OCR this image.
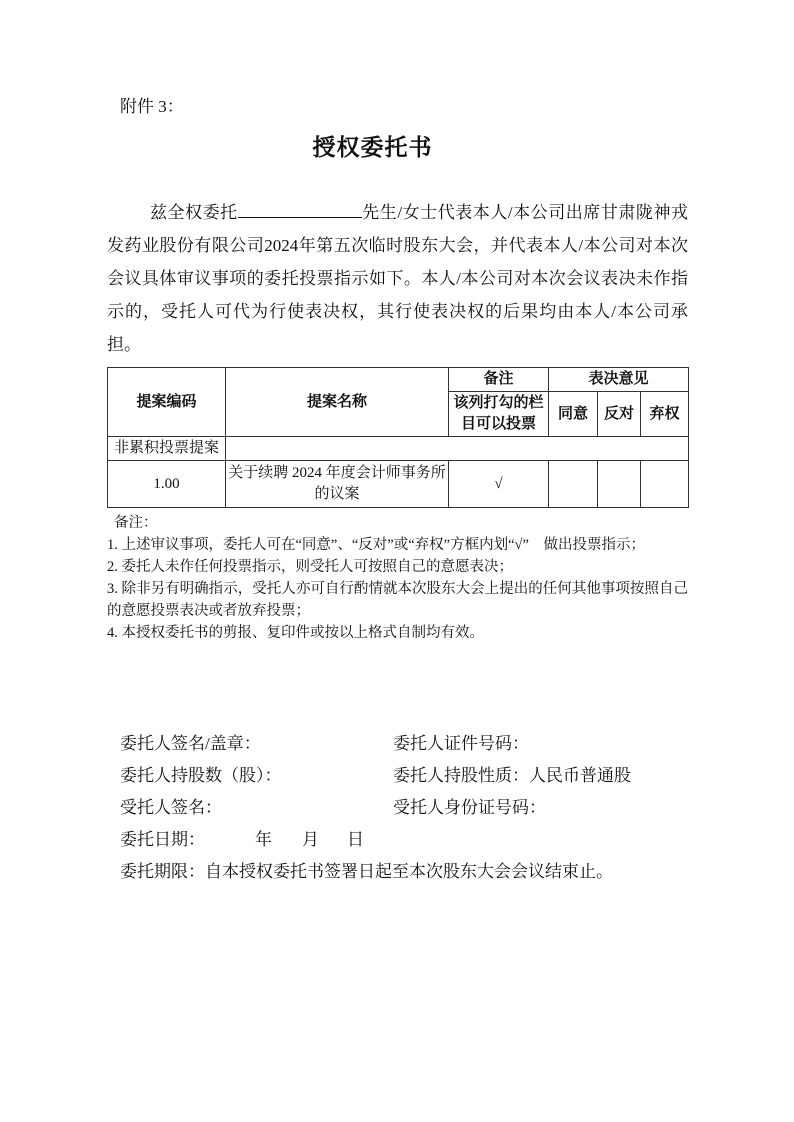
附件 3：
授权委托书

兹全权委托	先生/女士代表本人/本公司出席甘肃陇神戎发药业股份有限公司2024年第五次临时股东大会，并代表本人/本公司对本次会议具体审议事项的委托投票指示如下。本人/本公司对本次会议表决未作指示的，受托人可代为行使表决权，其行使表决权的后果均由本人/本公司承担。

提案编码	提案名称	备注	表决意见		
		该列打勾的栏目可以投票	同意	反对	弃权
非累积投票提案					
1.00	关于续聘 2024 年度会计师事务所的议案	√			
备注：
1. 上述审议事项，委托人可在“同意”、“反对”或“弃权”方框内划“√”　做出投票指示；
2. 委托人未作任何投票指示，则受托人可按照自己的意愿表决；
3. 除非另有明确指示，受托人亦可自行酌情就本次股东大会上提出的任何其他事项按照自己的意愿投票表决或者放弃投票；
4. 本授权委托书的剪报、复印件或按以上格式自制均有效。
委托人签名/盖章：	委托人证件号码：
委托人持股数（股）：	委托人持股性质：人民币普通股
受托人签名：	受托人身份证号码：
委托日期：	年 月 日
委托期限：自本授权委托书签署日起至本次股东大会会议结束止。
